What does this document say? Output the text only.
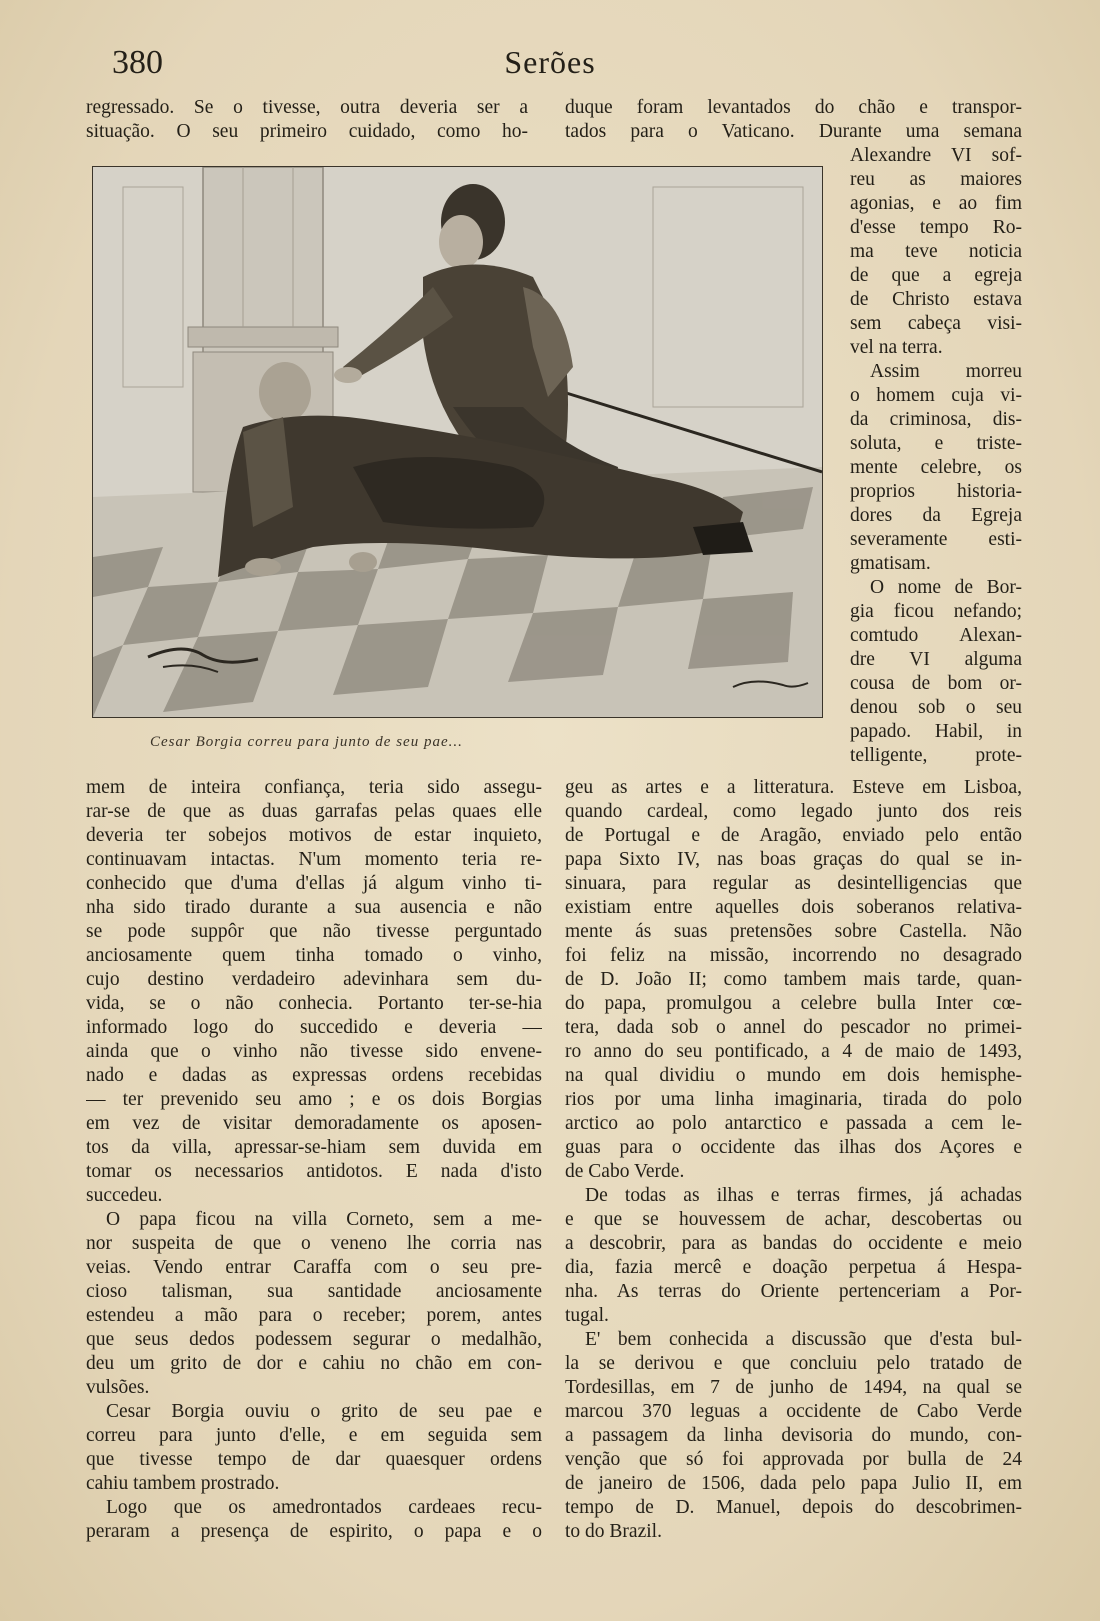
380	Serões
regressado. Se o tivesse, outra deveria ser a
situação. O seu primeiro cuidado, como ho-
duque foram levantados do chão e transpor-
tados para o Vaticano. Durante uma semana
Cesar Borgia correu para junto de seu pae...
Alexandre VI sof-
reu as maiores
agonias, e ao fim
d'esse tempo Ro-
ma teve noticia
de que a egreja
de Christo estava
sem cabeça visi-
vel na terra.
Assim morreu
o homem cuja vi-
da criminosa, dis-
soluta, e triste-
mente celebre, os
proprios historia-
dores da Egreja
severamente esti-
gmatisam.
O nome de Bor-
gia ficou nefando;
comtudo Alexan-
dre VI alguma
cousa de bom or-
denou sob o seu
papado. Habil, in
telligente, prote-
mem de inteira confiança, teria sido assegu-
rar-se de que as duas garrafas pelas quaes elle
deveria ter sobejos motivos de estar inquieto,
continuavam intactas. N'um momento teria re-
conhecido que d'uma d'ellas já algum vinho ti-
nha sido tirado durante a sua ausencia e não
se pode suppôr que não tivesse perguntado
anciosamente quem tinha tomado o vinho,
cujo destino verdadeiro adevinhara sem du-
vida, se o não conhecia. Portanto ter-se-hia
informado logo do succedido e deveria —
ainda que o vinho não tivesse sido envene-
nado e dadas as expressas ordens recebidas
— ter prevenido seu amo ; e os dois Borgias
em vez de visitar demoradamente os aposen-
tos da villa, apressar-se-hiam sem duvida em
tomar os necessarios antidotos. E nada d'isto
succedeu.
O papa ficou na villa Corneto, sem a me-
nor suspeita de que o veneno lhe corria nas
veias. Vendo entrar Caraffa com o seu pre-
cioso talisman, sua santidade anciosamente
estendeu a mão para o receber; porem, antes
que seus dedos podessem segurar o medalhão,
deu um grito de dor e cahiu no chão em con-
vulsões.
Cesar Borgia ouviu o grito de seu pae e
correu para junto d'elle, e em seguida sem
que tivesse tempo de dar quaesquer ordens
cahiu tambem prostrado.
Logo que os amedrontados cardeaes recu-
peraram a presença de espirito, o papa e o
geu as artes e a litteratura. Esteve em Lisboa,
quando cardeal, como legado junto dos reis
de Portugal e de Aragão, enviado pelo então
papa Sixto IV, nas boas graças do qual se in-
sinuara, para regular as desintelligencias que
existiam entre aquelles dois soberanos relativa-
mente ás suas pretensões sobre Castella. Não
foi feliz na missão, incorrendo no desagrado
de D. João II; como tambem mais tarde, quan-
do papa, promulgou a celebre bulla Inter cœ-
tera, dada sob o annel do pescador no primei-
ro anno do seu pontificado, a 4 de maio de 1493,
na qual dividiu o mundo em dois hemisphe-
rios por uma linha imaginaria, tirada do polo
arctico ao polo antarctico e passada a cem le-
guas para o occidente das ilhas dos Açores e
de Cabo Verde.
De todas as ilhas e terras firmes, já achadas
e que se houvessem de achar, descobertas ou
a descobrir, para as bandas do occidente e meio
dia, fazia mercê e doação perpetua á Hespa-
nha. As terras do Oriente pertenceriam a Por-
tugal.
E' bem conhecida a discussão que d'esta bul-
la se derivou e que concluiu pelo tratado de
Tordesillas, em 7 de junho de 1494, na qual se
marcou 370 leguas a occidente de Cabo Verde
a passagem da linha devisoria do mundo, con-
venção que só foi approvada por bulla de 24
de janeiro de 1506, dada pelo papa Julio II, em
tempo de D. Manuel, depois do descobrimen-
to do Brazil.
